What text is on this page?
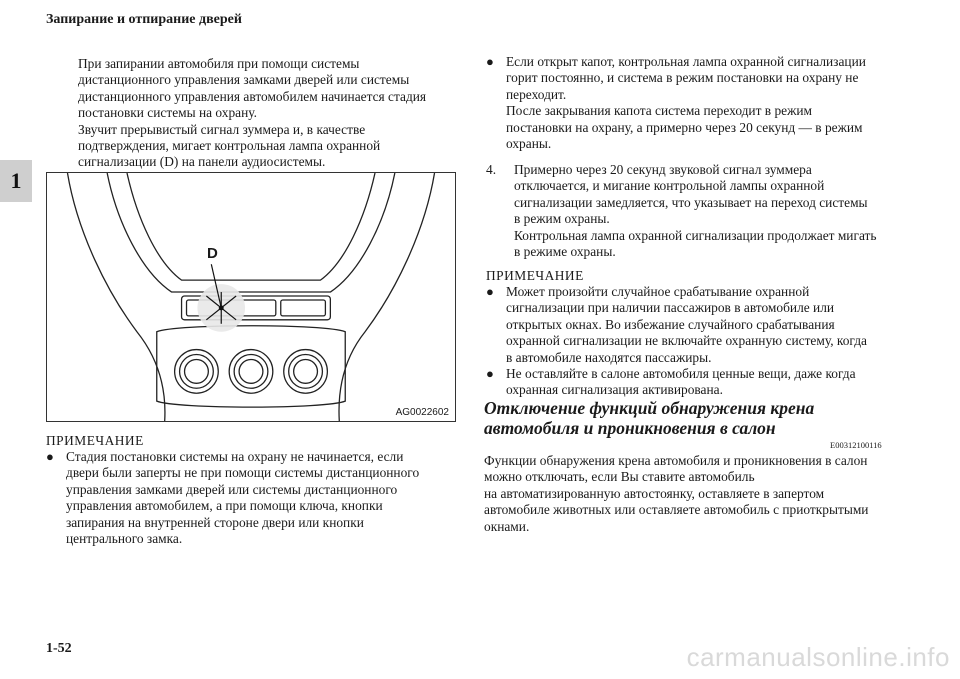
Запирание и отпирание дверей
1

При запирании автомобиля при помощи системы

дистанционного управления замками дверей или системы

дистанционного управления автомобилем начинается стадия

постановки системы на охрану.

Звучит прерывистый сигнал зуммера и, в качестве

подтверждения, мигает контрольная лампа охранной

сигнализации (D) на панели аудиосистемы.

D
AG0022602
ПРИМЕЧАНИЕ
● Стадия постановки системы на охрану не начинается, если
двери были заперты не при помощи системы дистанционного
управления замками дверей или системы дистанционного
управления автомобилем, а при помощи ключа, кнопки
запирания на внутренней стороне двери или кнопки
центрального замка.
● Если открыт капот, контрольная лампа охранной сигнализации
горит постоянно, и система в режим постановки на охрану не
переходит.
После закрывания капота система переходит в режим
постановки на охрану, а примерно через 20 секунд — в режим
охраны.
4.	Примерно через 20 секунд звуковой сигнал зуммера
отключается, и мигание контрольной лампы охранной
сигнализации замедляется, что указывает на переход системы
в режим охраны.
Контрольная лампа охранной сигнализации продолжает мигать
в режиме охраны.
ПРИМЕЧАНИЕ
● Может произойти случайное срабатывание охранной
сигнализации при наличии пассажиров в автомобиле или
открытых окнах. Во избежание случайного срабатывания
охранной сигнализации не включайте охранную систему, когда
в автомобиле находятся пассажиры.
● Не оставляйте в салоне автомобиля ценные вещи, даже когда
охранная сигнализация активирована.
Отключение функций обнаружения крена
автомобиля и проникновения в салон
E00312100116

Функции обнаружения крена автомобиля и проникновения в салон

можно отключать, если Вы ставите автомобиль

на автоматизированную автостоянку, оставляете в запертом

автомобиле животных или оставляете автомобиль с приоткрытыми

окнами.

1-52	carmanualsonline.info
